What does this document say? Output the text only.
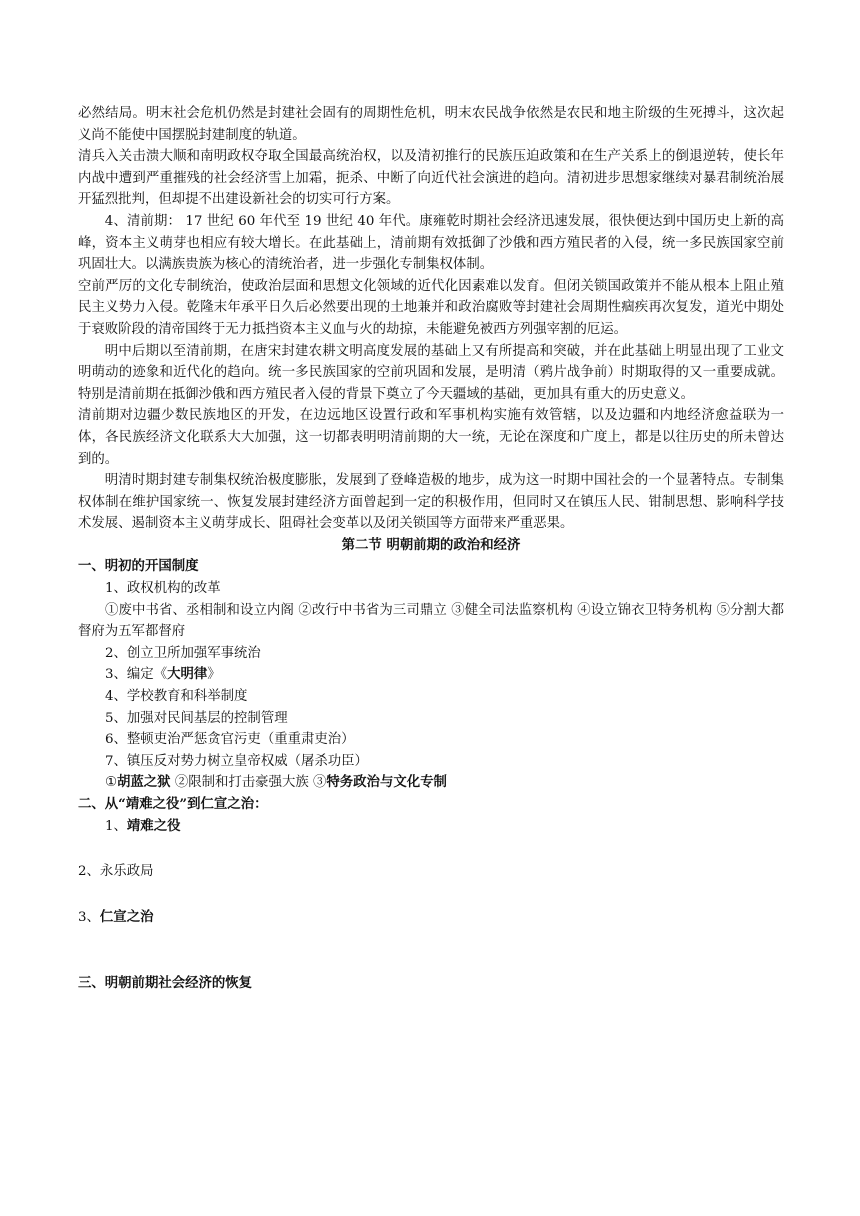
必然结局。明末社会危机仍然是封建社会固有的周期性危机，明末农民战争依然是农民和地主阶级的生死搏斗，这次起义尚不能使中国摆脱封建制度的轨道。

清兵入关击溃大顺和南明政权夺取全国最高统治权，以及清初推行的民族压迫政策和在生产关系上的倒退逆转，使长年内战中遭到严重摧残的社会经济雪上加霜，扼杀、中断了向近代社会演进的趋向。清初进步思想家继续对暴君制统治展开猛烈批判，但却提不出建设新社会的切实可行方案。

4、清前期： 17 世纪 60 年代至 19 世纪 40 年代。康雍乾时期社会经济迅速发展，很快便达到中国历史上新的高峰，资本主义萌芽也相应有较大增长。在此基础上，清前期有效抵御了沙俄和西方殖民者的入侵，统一多民族国家空前巩固壮大。以满族贵族为核心的清统治者，进一步强化专制集权体制。

空前严厉的文化专制统治，使政治层面和思想文化领域的近代化因素难以发育。但闭关锁国政策并不能从根本上阻止殖民主义势力入侵。乾隆末年承平日久后必然要出现的土地兼并和政治腐败等封建社会周期性痼疾再次复发，道光中期处于衰败阶段的清帝国终于无力抵挡资本主义血与火的劫掠，未能避免被西方列强宰割的厄运。

明中后期以至清前期，在唐宋封建农耕文明高度发展的基础上又有所提高和突破，并在此基础上明显出现了工业文明萌动的迹象和近代化的趋向。统一多民族国家的空前巩固和发展，是明清（鸦片战争前）时期取得的又一重要成就。特别是清前期在抵御沙俄和西方殖民者入侵的背景下奠立了今天疆域的基础，更加具有重大的历史意义。

清前期对边疆少数民族地区的开发，在边远地区设置行政和军事机构实施有效管辖，以及边疆和内地经济愈益联为一体，各民族经济文化联系大大加强，这一切都表明明清前期的大一统，无论在深度和广度上，都是以往历史的所未曾达到的。

明清时期封建专制集权统治极度膨胀，发展到了登峰造极的地步，成为这一时期中国社会的一个显著特点。专制集权体制在维护国家统一、恢复发展封建经济方面曾起到一定的积极作用，但同时又在镇压人民、钳制思想、影响科学技术发展、遏制资本主义萌芽成长、阻碍社会变革以及闭关锁国等方面带来严重恶果。

第二节 明朝前期的政治和经济

一、明初的开国制度

1、政权机构的改革

①废中书省、丞相制和设立内阁 ②改行中书省为三司鼎立 ③健全司法监察机构 ④设立锦衣卫特务机构 ⑤分割大都督府为五军都督府

2、创立卫所加强军事统治

3、编定《大明律》

4、学校教育和科举制度

5、加强对民间基层的控制管理

6、整顿吏治严惩贪官污吏（重重肃吏治）

7、镇压反对势力树立皇帝权威（屠杀功臣）

①胡蓝之狱 ②限制和打击豪强大族 ③特务政治与文化专制

二、从“靖难之役”到仁宣之治：

1、靖难之役

2、永乐政局

3、仁宣之治

三、明朝前期社会经济的恢复
